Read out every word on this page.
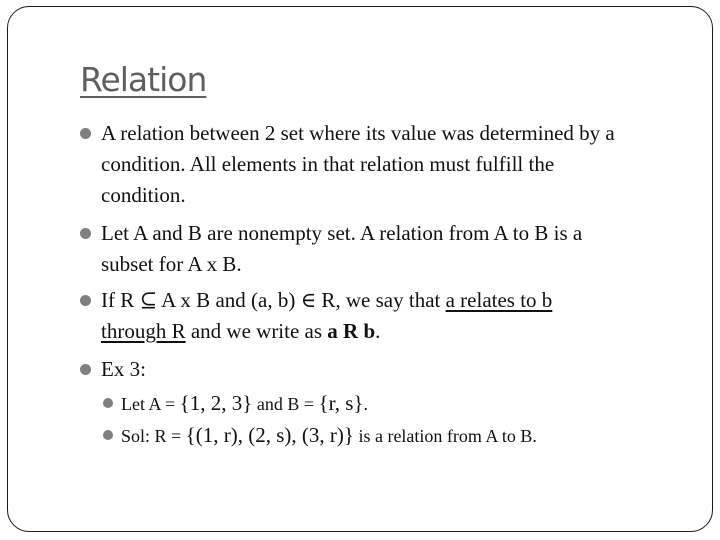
Relation
A relation between 2 set where its value was determined by a
condition. All elements in that relation must fulfill the
condition.
Let A and B are nonempty set. A relation from A to B is a
subset for A x B.
If R ⊆ A x B and (a, b) ∈ R, we say that a relates to b
through R and we write as a R b.
Ex 3:
Let A = {1, 2, 3} and B = {r, s}.
Sol: R = {(1, r), (2, s), (3, r)} is a relation from A to B.
